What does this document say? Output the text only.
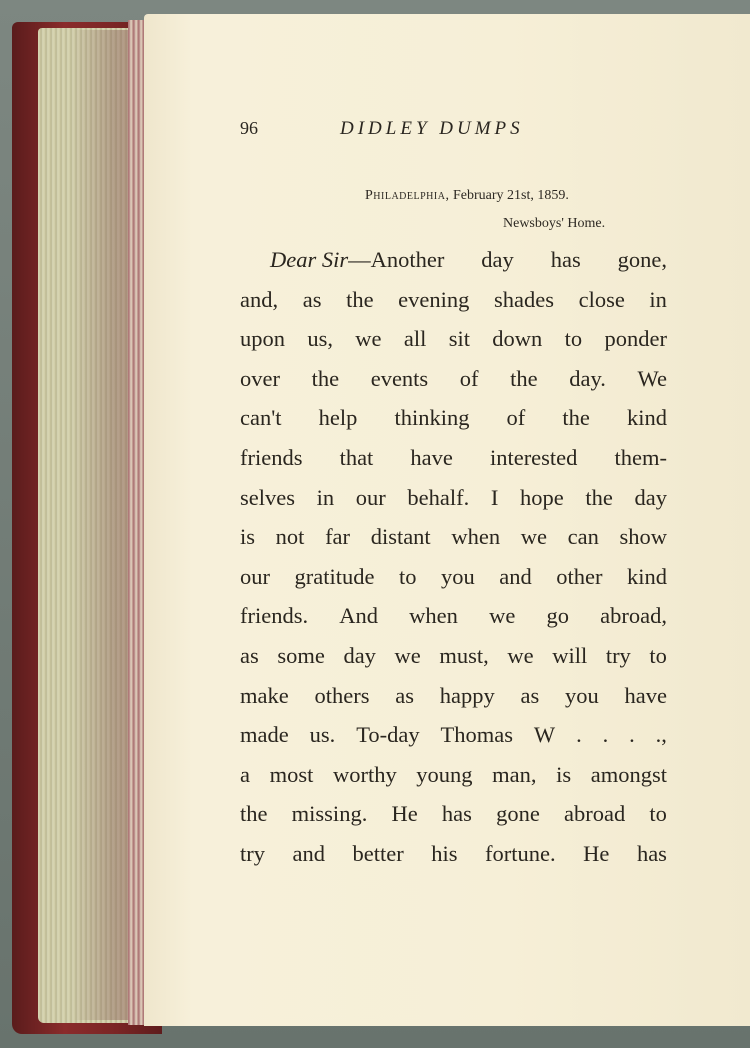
96	DIDLEY DUMPS
Philadelphia, February 21st, 1859.
Newsboys' Home.
Dear Sir—Another day has gone,
and, as the evening shades close in
upon us, we all sit down to ponder
over the events of the day. We
can't help thinking of the kind
friends that have interested them-
selves in our behalf. I hope the day
is not far distant when we can show
our gratitude to you and other kind
friends. And when we go abroad,
as some day we must, we will try to
make others as happy as you have
made us. To-day Thomas W . . . .,
a most worthy young man, is amongst
the missing. He has gone abroad to
try and better his fortune. He has
